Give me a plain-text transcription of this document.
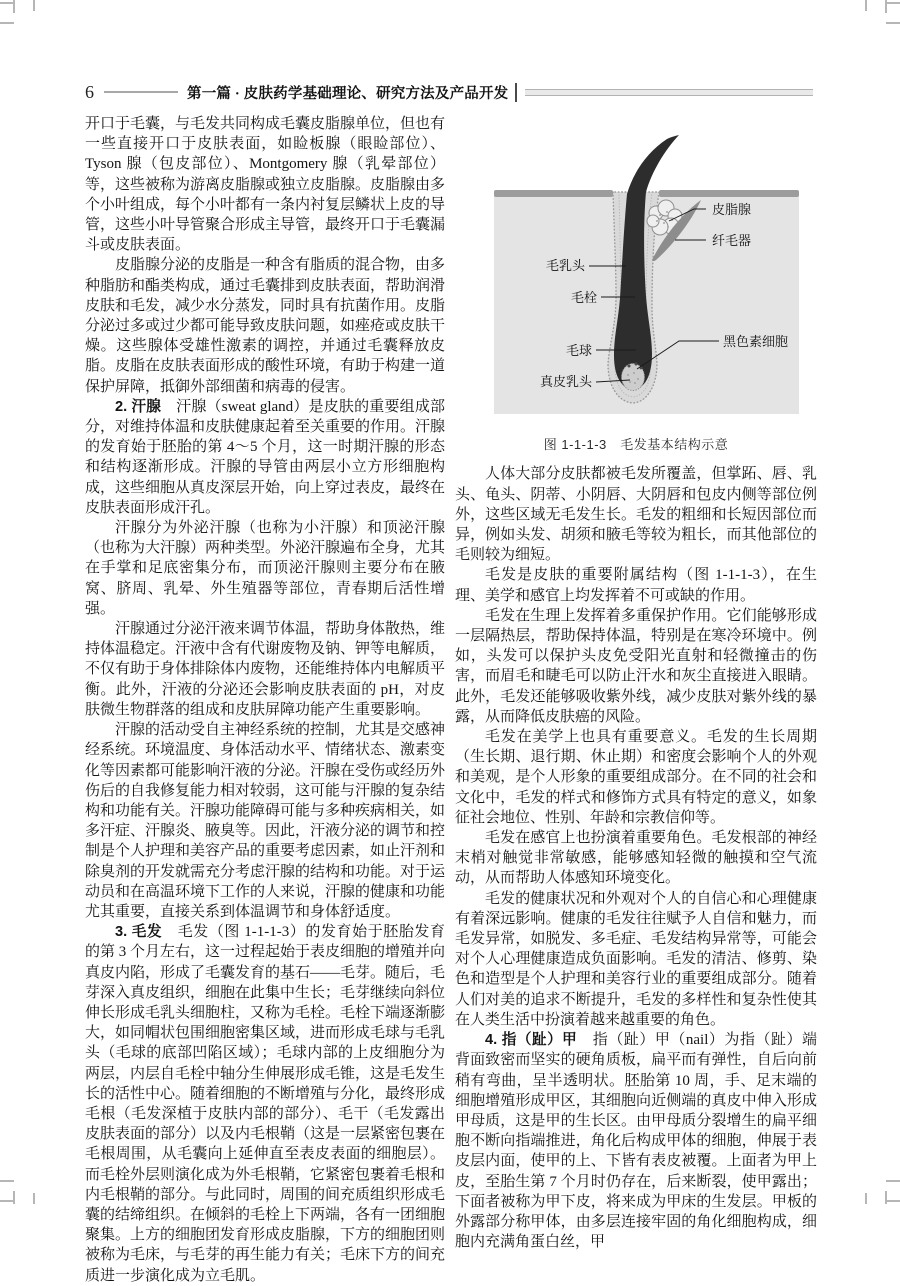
6	第一篇 · 皮肤药学基础理论、研究方法及产品开发

开口于毛囊，与毛发共同构成毛囊皮脂腺单位，但也有一些直接开口于皮肤表面，如睑板腺（眼睑部位）、Tyson 腺（包皮部位）、Montgomery 腺（乳晕部位）等，这些被称为游离皮脂腺或独立皮脂腺。皮脂腺由多个小叶组成，每个小叶都有一条内衬复层鳞状上皮的导管，这些小叶导管聚合形成主导管，最终开口于毛囊漏斗或皮肤表面。

皮脂腺分泌的皮脂是一种含有脂质的混合物，由多种脂肪和酯类构成，通过毛囊排到皮肤表面，帮助润滑皮肤和毛发，减少水分蒸发，同时具有抗菌作用。皮脂分泌过多或过少都可能导致皮肤问题，如痤疮或皮肤干燥。这些腺体受雄性激素的调控，并通过毛囊释放皮脂。皮脂在皮肤表面形成的酸性环境，有助于构建一道保护屏障，抵御外部细菌和病毒的侵害。

2. 汗腺　汗腺（sweat gland）是皮肤的重要组成部分，对维持体温和皮肤健康起着至关重要的作用。汗腺的发育始于胚胎的第 4～5 个月，这一时期汗腺的形态和结构逐渐形成。汗腺的导管由两层小立方形细胞构成，这些细胞从真皮深层开始，向上穿过表皮，最终在皮肤表面形成汗孔。

汗腺分为外泌汗腺（也称为小汗腺）和顶泌汗腺（也称为大汗腺）两种类型。外泌汗腺遍布全身，尤其在手掌和足底密集分布，而顶泌汗腺则主要分布在腋窝、脐周、乳晕、外生殖器等部位，青春期后活性增强。

汗腺通过分泌汗液来调节体温，帮助身体散热，维持体温稳定。汗液中含有代谢废物及钠、钾等电解质，不仅有助于身体排除体内废物，还能维持体内电解质平衡。此外，汗液的分泌还会影响皮肤表面的 pH，对皮肤微生物群落的组成和皮肤屏障功能产生重要影响。

汗腺的活动受自主神经系统的控制，尤其是交感神经系统。环境温度、身体活动水平、情绪状态、激素变化等因素都可能影响汗液的分泌。汗腺在受伤或经历外伤后的自我修复能力相对较弱，这可能与汗腺的复杂结构和功能有关。汗腺功能障碍可能与多种疾病相关，如多汗症、汗腺炎、腋臭等。因此，汗液分泌的调节和控制是个人护理和美容产品的重要考虑因素，如止汗剂和除臭剂的开发就需充分考虑汗腺的结构和功能。对于运动员和在高温环境下工作的人来说，汗腺的健康和功能尤其重要，直接关系到体温调节和身体舒适度。

3. 毛发　毛发（图 1-1-1-3）的发育始于胚胎发育的第 3 个月左右，这一过程起始于表皮细胞的增殖并向真皮内陷，形成了毛囊发育的基石——毛芽。随后，毛芽深入真皮组织，细胞在此集中生长；毛芽继续向斜位伸长形成毛乳头细胞柱，又称为毛栓。毛栓下端逐渐膨大，如同帽状包围细胞密集区域，进而形成毛球与毛乳头（毛球的底部凹陷区域）；毛球内部的上皮细胞分为两层，内层自毛栓中轴分生伸展形成毛锥，这是毛发生长的活性中心。随着细胞的不断增殖与分化，最终形成毛根（毛发深植于皮肤内部的部分）、毛干（毛发露出皮肤表面的部分）以及内毛根鞘（这是一层紧密包裹在毛根周围，从毛囊向上延伸直至表皮表面的细胞层）。而毛栓外层则演化成为外毛根鞘，它紧密包裹着毛根和内毛根鞘的部分。与此同时，周围的间充质组织形成毛囊的结缔组织。在倾斜的毛栓上下两端，各有一团细胞聚集。上方的细胞团发育形成皮脂腺，下方的细胞团则被称为毛床，与毛芽的再生能力有关；毛床下方的间充质进一步演化成为立毛肌。

皮脂腺
纤毛器
毛乳头
毛栓
毛球
真皮乳头
黑色素细胞
图 1-1-1-3　毛发基本结构示意

人体大部分皮肤都被毛发所覆盖，但掌跖、唇、乳头、龟头、阴蒂、小阴唇、大阴唇和包皮内侧等部位例外，这些区域无毛发生长。毛发的粗细和长短因部位而异，例如头发、胡须和腋毛等较为粗长，而其他部位的毛则较为细短。

毛发是皮肤的重要附属结构（图 1-1-1-3），在生理、美学和感官上均发挥着不可或缺的作用。

毛发在生理上发挥着多重保护作用。它们能够形成一层隔热层，帮助保持体温，特别是在寒冷环境中。例如，头发可以保护头皮免受阳光直射和轻微撞击的伤害，而眉毛和睫毛可以防止汗水和灰尘直接进入眼睛。此外，毛发还能够吸收紫外线，减少皮肤对紫外线的暴露，从而降低皮肤癌的风险。

毛发在美学上也具有重要意义。毛发的生长周期（生长期、退行期、休止期）和密度会影响个人的外观和美观，是个人形象的重要组成部分。在不同的社会和文化中，毛发的样式和修饰方式具有特定的意义，如象征社会地位、性别、年龄和宗教信仰等。

毛发在感官上也扮演着重要角色。毛发根部的神经末梢对触觉非常敏感，能够感知轻微的触摸和空气流动，从而帮助人体感知环境变化。

毛发的健康状况和外观对个人的自信心和心理健康有着深远影响。健康的毛发往往赋予人自信和魅力，而毛发异常，如脱发、多毛症、毛发结构异常等，可能会对个人心理健康造成负面影响。毛发的清洁、修剪、染色和造型是个人护理和美容行业的重要组成部分。随着人们对美的追求不断提升，毛发的多样性和复杂性使其在人类生活中扮演着越来越重要的角色。

4. 指（趾）甲　指（趾）甲（nail）为指（趾）端背面致密而坚实的硬角质板，扁平而有弹性，自后向前稍有弯曲，呈半透明状。胚胎第 10 周，手、足末端的细胞增殖形成甲区，其细胞向近侧端的真皮中伸入形成甲母质，这是甲的生长区。由甲母质分裂增生的扁平细胞不断向指端推进，角化后构成甲体的细胞，伸展于表皮层内面，使甲的上、下皆有表皮被覆。上面者为甲上皮，至胎生第 7 个月时仍存在，后来断裂，使甲露出；下面者被称为甲下皮，将来成为甲床的生发层。甲板的外露部分称甲体，由多层连接牢固的角化细胞构成，细胞内充满角蛋白丝，甲
